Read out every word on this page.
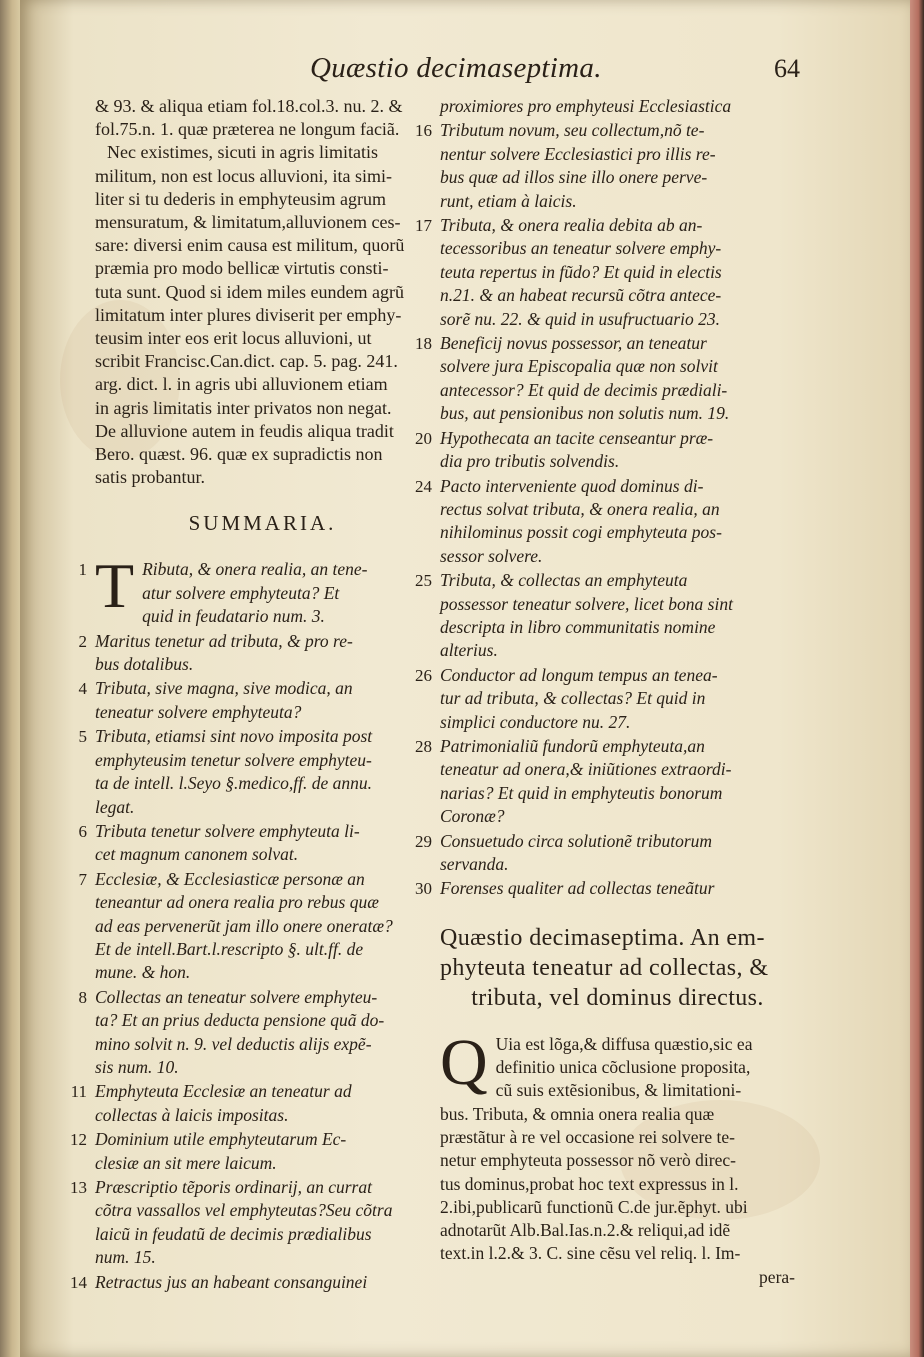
Quæstio decimaseptima.	64
& 93. & aliqua etiam fol.18.col.3. nu. 2. &
fol.75.n. 1. quæ præterea ne longum faciã.
Nec existimes, sicuti in agris limitatis
militum, non est locus alluvioni, ita simi-
liter si tu dederis in emphyteusim agrum
mensuratum, & limitatum,alluvionem ces-
sare: diversi enim causa est militum, quorũ
præmia pro modo bellicæ virtutis consti-
tuta sunt. Quod si idem miles eundem agrũ
limitatum inter plures diviserit per emphy-
teusim inter eos erit locus alluvioni, ut
scribit Francisc.Can.dict. cap. 5. pag. 241.
arg. dict. l. in agris ubi alluvionem etiam
in agris limitatis inter privatos non negat.
De alluvione autem in feudis aliqua tradit
Bero. quæst. 96. quæ ex supradictis non
satis probantur.
SUMMARIA.
1 T Ributa, & onera realia, an tene-
atur solvere emphyteuta? Et
quid in feudatario num. 3.
2 Maritus tenetur ad tributa, & pro re-
bus dotalibus.
4 Tributa, sive magna, sive modica, an
teneatur solvere emphyteuta?
5 Tributa, etiamsi sint novo imposita post
emphyteusim tenetur solvere emphyteu-
ta de intell. l.Seyo §.medico,ff. de annu.
legat.
6 Tributa tenetur solvere emphyteuta li-
cet magnum canonem solvat.
7 Ecclesiæ, & Ecclesiasticæ personæ an
teneantur ad onera realia pro rebus quæ
ad eas pervenerũt jam illo onere oneratæ?
Et de intell.Bart.l.rescripto §. ult.ff. de
mune. & hon.
8 Collectas an teneatur solvere emphyteu-
ta? Et an prius deducta pensione quã do-
mino solvit n. 9. vel deductis alijs expẽ-
sis num. 10.
11 Emphyteuta Ecclesiæ an teneatur ad
collectas à laicis impositas.
12 Dominium utile emphyteutarum Ec-
clesiæ an sit mere laicum.
13 Præscriptio tẽporis ordinarij, an currat
cõtra vassallos vel emphyteutas?Seu cõtra
laicũ in feudatũ de decimis prædialibus
num. 15.
14 Retractus jus an habeant consanguinei
proximiores pro emphyteusi Ecclesiastica
16 Tributum novum, seu collectum,nõ te-
nentur solvere Ecclesiastici pro illis re-
bus quæ ad illos sine illo onere perve-
runt, etiam à laicis.
17 Tributa, & onera realia debita ab an-
tecessoribus an teneatur solvere emphy-
teuta repertus in fũdo? Et quid in electis
n.21. & an habeat recursũ cõtra antece-
sorẽ nu. 22. & quid in usufructuario 23.
18 Beneficij novus possessor, an teneatur
solvere jura Episcopalia quæ non solvit
antecessor? Et quid de decimis prædiali-
bus, aut pensionibus non solutis num. 19.
20 Hypothecata an tacite censeantur præ-
dia pro tributis solvendis.
24 Pacto interveniente quod dominus di-
rectus solvat tributa, & onera realia, an
nihilominus possit cogi emphyteuta pos-
sessor solvere.
25 Tributa, & collectas an emphyteuta
possessor teneatur solvere, licet bona sint
descripta in libro communitatis nomine
alterius.
26 Conductor ad longum tempus an tenea-
tur ad tributa, & collectas? Et quid in
simplici conductore nu. 27.
28 Patrimonialiũ fundorũ emphyteuta,an
teneatur ad onera,& iniũtiones extraordi-
narias? Et quid in emphyteutis bonorum
Coronæ?
29 Consuetudo circa solutionẽ tributorum
servanda.
30 Forenses qualiter ad collectas teneãtur
Quæstio decimaseptima. An em-
phyteuta teneatur ad collectas, &
tributa, vel dominus directus.
Q Uia est lõga,& diffusa quæstio,sic ea
definitio unica cõclusione proposita,
cũ suis extẽsionibus, & limitationi-
bus. Tributa, & omnia onera realia quæ
præstãtur à re vel occasione rei solvere te-
netur emphyteuta possessor nõ verò direc-
tus dominus,probat hoc text expressus in l.
2.ibi,publicarũ functionũ C.de jur.ẽphyt. ubi
adnotarũt Alb.Bal.Ias.n.2.& reliqui,ad idẽ
text.in l.2.& 3. C. sine cẽsu vel reliq. l. Im-
pera-
